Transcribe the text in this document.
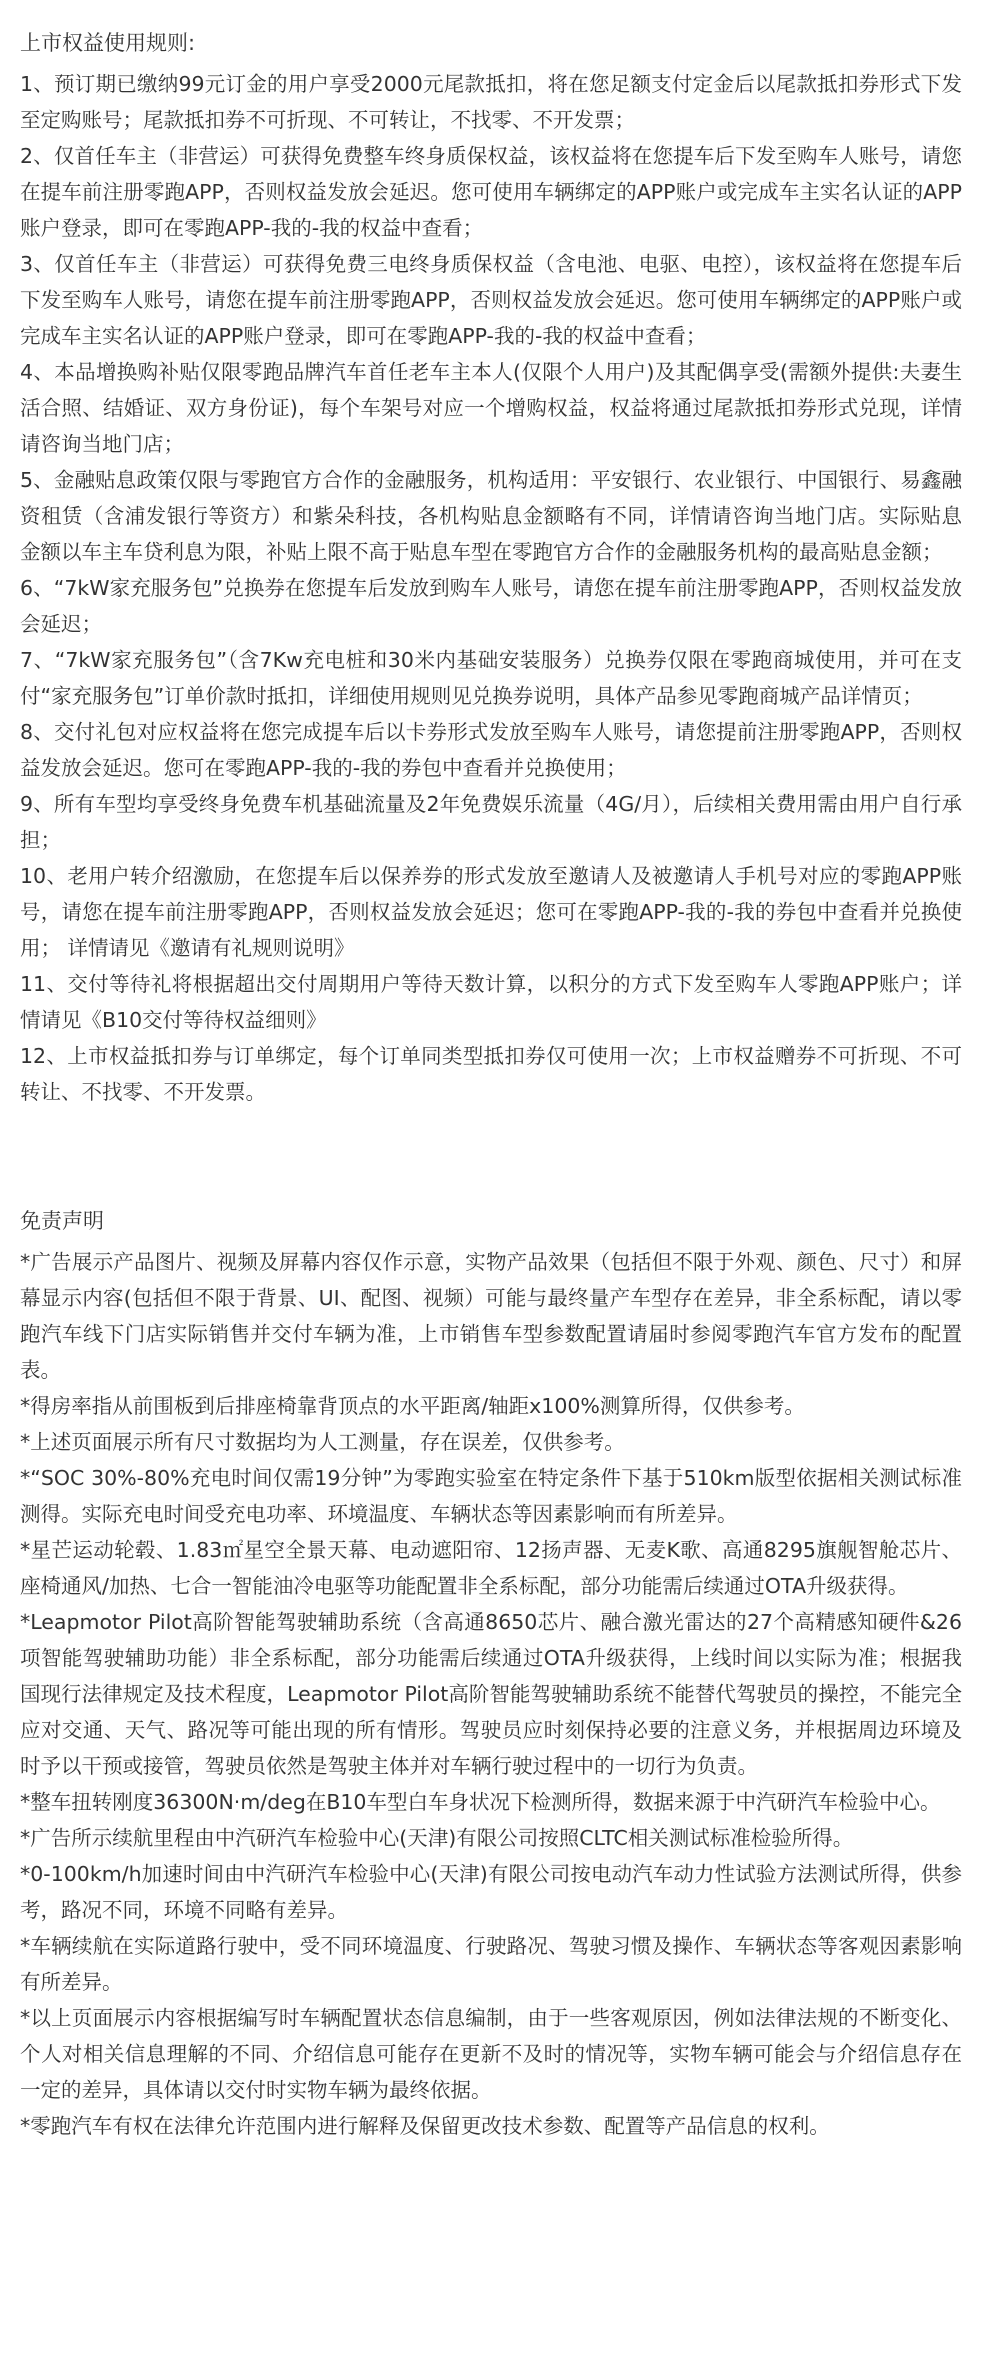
上市权益使用规则:
1、预订期已缴纳99元订金的用户享受2000元尾款抵扣，将在您足额支付定金后以尾款抵扣券形式下发至定购账号；尾款抵扣券不可折现、不可转让，不找零、不开发票；
2、仅首任车主（非营运）可获得免费整车终身质保权益，该权益将在您提车后下发至购车人账号，请您在提车前注册零跑APP，否则权益发放会延迟。您可使用车辆绑定的APP账户或完成车主实名认证的APP账户登录，即可在零跑APP-我的-我的权益中查看；
3、仅首任车主（非营运）可获得免费三电终身质保权益（含电池、电驱、电控），该权益将在您提车后下发至购车人账号，请您在提车前注册零跑APP，否则权益发放会延迟。您可使用车辆绑定的APP账户或完成车主实名认证的APP账户登录，即可在零跑APP-我的-我的权益中查看；
4、本品增换购补贴仅限零跑品牌汽车首任老车主本人(仅限个人用户)及其配偶享受(需额外提供:夫妻生活合照、结婚证、双方身份证)，每个车架号对应一个增购权益，权益将通过尾款抵扣券形式兑现，详情请咨询当地门店；
5、金融贴息政策仅限与零跑官方合作的金融服务，机构适用：平安银行、农业银行、中国银行、易鑫融资租赁（含浦发银行等资方）和紫朵科技，各机构贴息金额略有不同，详情请咨询当地门店。实际贴息金额以车主车贷利息为限，补贴上限不高于贴息车型在零跑官方合作的金融服务机构的最高贴息金额；
6、“7kW家充服务包”兑换券在您提车后发放到购车人账号，请您在提车前注册零跑APP，否则权益发放会延迟；
7、“7kW家充服务包”（含7Kw充电桩和30米内基础安装服务）兑换券仅限在零跑商城使用，并可在支付“家充服务包”订单价款时抵扣，详细使用规则见兑换券说明，具体产品参见零跑商城产品详情页；
8、交付礼包对应权益将在您完成提车后以卡券形式发放至购车人账号，请您提前注册零跑APP，否则权益发放会延迟。您可在零跑APP-我的-我的券包中查看并兑换使用；
9、所有车型均享受终身免费车机基础流量及2年免费娱乐流量（4G/月），后续相关费用需由用户自行承担；
10、老用户转介绍激励，在您提车后以保养券的形式发放至邀请人及被邀请人手机号对应的零跑APP账号，请您在提车前注册零跑APP，否则权益发放会延迟；您可在零跑APP-我的-我的券包中查看并兑换使用； 详情请见《邀请有礼规则说明》
11、交付等待礼将根据超出交付周期用户等待天数计算，以积分的方式下发至购车人零跑APP账户；详情请见《B10交付等待权益细则》
12、上市权益抵扣券与订单绑定，每个订单同类型抵扣券仅可使用一次；上市权益赠券不可折现、不可转让、不找零、不开发票。
免责声明
*广告展示产品图片、视频及屏幕内容仅作示意，实物产品效果（包括但不限于外观、颜色、尺寸）和屏幕显示内容(包括但不限于背景、UI、配图、视频）可能与最终量产车型存在差异，非全系标配，请以零跑汽车线下门店实际销售并交付车辆为准，上市销售车型参数配置请届时参阅零跑汽车官方发布的配置表。
*得房率指从前围板到后排座椅靠背顶点的水平距离/轴距x100%测算所得，仅供参考。
*上述页面展示所有尺寸数据均为人工测量，存在误差，仅供参考。
*“SOC 30%-80%充电时间仅需19分钟”为零跑实验室在特定条件下基于510km版型依据相关测试标准测得。实际充电时间受充电功率、环境温度、车辆状态等因素影响而有所差异。
*星芒运动轮毂、1.83㎡星空全景天幕、电动遮阳帘、12扬声器、无麦K歌、高通8295旗舰智舱芯片、座椅通风/加热、七合一智能油冷电驱等功能配置非全系标配，部分功能需后续通过OTA升级获得。
*Leapmotor Pilot高阶智能驾驶辅助系统（含高通8650芯片、融合激光雷达的27个高精感知硬件&26项智能驾驶辅助功能）非全系标配，部分功能需后续通过OTA升级获得，上线时间以实际为准；根据我国现行法律规定及技术程度，Leapmotor Pilot高阶智能驾驶辅助系统不能替代驾驶员的操控，不能完全应对交通、天气、路况等可能出现的所有情形。驾驶员应时刻保持必要的注意义务，并根据周边环境及时予以干预或接管，驾驶员依然是驾驶主体并对车辆行驶过程中的一切行为负责。
*整车扭转刚度36300N·m/deg在B10车型白车身状况下检测所得，数据来源于中汽研汽车检验中心。
*广告所示续航里程由中汽研汽车检验中心(天津)有限公司按照CLTC相关测试标准检验所得。
*0-100km/h加速时间由中汽研汽车检验中心(天津)有限公司按电动汽车动力性试验方法测试所得，供参考，路况不同，环境不同略有差异。
*车辆续航在实际道路行驶中，受不同环境温度、行驶路况、驾驶习惯及操作、车辆状态等客观因素影响有所差异。
*以上页面展示内容根据编写时车辆配置状态信息编制，由于一些客观原因，例如法律法规的不断变化、个人对相关信息理解的不同、介绍信息可能存在更新不及时的情况等，实物车辆可能会与介绍信息存在一定的差异，具体请以交付时实物车辆为最终依据。
*零跑汽车有权在法律允许范围内进行解释及保留更改技术参数、配置等产品信息的权利。
